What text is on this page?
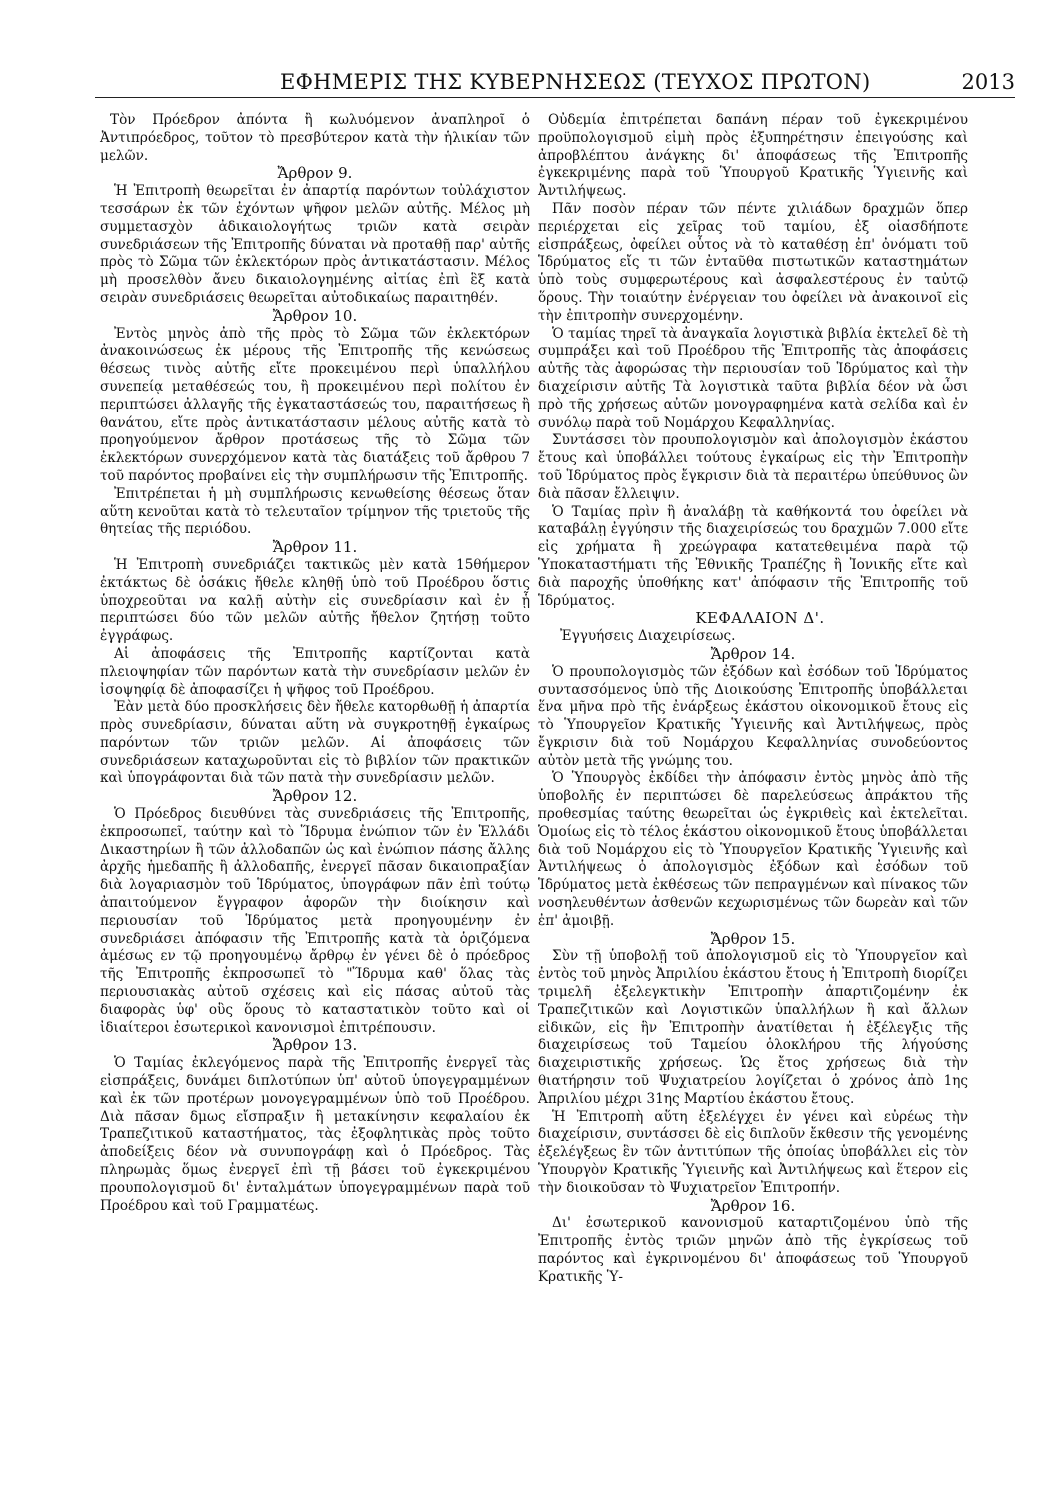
ΕΦΗΜΕΡΙΣ ΤΗΣ ΚΥΒΕΡΝΗΣΕΩΣ (ΤΕΥΧΟΣ ΠΡΩΤΟΝ)	2013

Τὸν Πρόεδρον ἀπόντα ἢ κωλυόμενον ἀναπληροῖ ὁ Ἀντιπρόεδρος, τοῦτον τὸ πρεσβύτερον κατὰ τὴν ἡλικίαν τῶν μελῶν.

Ἄρθρον 9.

Ἡ Ἐπιτροπὴ θεωρεῖται ἐν ἀπαρτίᾳ παρόντων τοὐλάχιστον τεσσάρων ἐκ τῶν ἐχόντων ψῆφον μελῶν αὐτῆς. Μέλος μὴ συμμετασχὸν ἀδικαιολογήτως τριῶν κατὰ σειρὰν συνεδριάσεων τῆς Ἐπιτροπῆς δύναται νὰ προταθῇ παρ' αὐτῆς πρὸς τὸ Σῶμα τῶν ἐκλεκτόρων πρὸς ἀντικατάστασιν. Μέλος μὴ προσελθὸν ἄνευ δικαιολογημένης αἰτίας ἐπὶ ἓξ κατὰ σειρὰν συνεδριάσεις θεωρεῖται αὐτοδικαίως παραιτηθέν.

Ἄρθρον 10.

Ἐντὸς μηνὸς ἀπὸ τῆς πρὸς τὸ Σῶμα τῶν ἐκλεκτόρων ἀνακοινώσεως ἐκ μέρους τῆς Ἐπιτροπῆς τῆς κενώσεως θέσεως τινὸς αὐτῆς εἴτε προκειμένου περὶ ὑπαλλήλου συνεπείᾳ μεταθέσεώς του, ἢ προκειμένου περὶ πολίτου ἐν περιπτώσει ἀλλαγῆς τῆς ἐγκαταστάσεώς του, παραιτήσεως ἢ θανάτου, εἴτε πρὸς ἀντικατάστασιν μέλους αὐτῆς κατὰ τὸ προηγούμενον ἄρθρον προτάσεως τῆς τὸ Σῶμα τῶν ἐκλεκτόρων συνερχόμενον κατὰ τὰς διατάξεις τοῦ ἄρθρου 7 τοῦ παρόντος προβαίνει εἰς τὴν συμπλήρωσιν τῆς Ἐπιτροπῆς.

Ἐπιτρέπεται ἡ μὴ συμπλήρωσις κενωθείσης θέσεως ὅταν αὕτη κενοῦται κατὰ τὸ τελευταῖον τρίμηνον τῆς τριετοῦς τῆς θητείας τῆς περιόδου.

Ἄρθρον 11.

Ἡ Ἐπιτροπὴ συνεδριάζει τακτικῶς μὲν κατὰ 15θήμερον ἐκτάκτως δὲ ὁσάκις ἤθελε κληθῇ ὑπὸ τοῦ Προέδρου ὅστις ὑποχρεοῦται να καλῇ αὐτὴν εἰς συνεδρίασιν καὶ ἐν ᾗ περιπτώσει δύο τῶν μελῶν αὐτῆς ἤθελον ζητήσῃ τοῦτο ἐγγράφως.

Αἱ ἀποφάσεις τῆς Ἐπιτροπῆς καρτίζονται κατὰ πλειοψηφίαν τῶν παρόντων κατὰ τὴν συνεδρίασιν μελῶν ἐν ἰσοψηφίᾳ δὲ ἀποφασίζει ἡ ψῆφος τοῦ Προέδρου.

Ἐὰν μετὰ δύο προσκλήσεις δὲν ἤθελε κατορθωθῇ ἡ ἀπαρτία πρὸς συνεδρίασιν, δύναται αὕτη νὰ συγκροτηθῇ ἐγκαίρως παρόντων τῶν τριῶν μελῶν. Αἱ ἀποφάσεις τῶν συνεδριάσεων καταχωροῦνται εἰς τὸ βιβλίον τῶν πρακτικῶν καὶ ὑπογράφονται διὰ τῶν πατὰ τὴν συνεδρίασιν μελῶν.

Ἄρθρον 12.

Ὁ Πρόεδρος διευθύνει τὰς συνεδριάσεις τῆς Ἐπιτροπῆς, ἐκπροσωπεῖ, ταύτην καὶ τὸ Ἵδρυμα ἐνώπιον τῶν ἐν Ἑλλάδι Δικαστηρίων ἢ τῶν ἀλλοδαπῶν ὡς καὶ ἐνώπιον πάσης ἄλλης ἀρχῆς ἡμεδαπῆς ἢ ἀλλοδαπῆς, ἐνεργεῖ πᾶσαν δικαιοπραξίαν διὰ λογαριασμὸν τοῦ Ἱδρύματος, ὑπογράφων πᾶν ἐπὶ τούτῳ ἀπαιτούμενον ἔγγραφον ἀφορῶν τὴν διοίκησιν καὶ περιουσίαν τοῦ Ἱδρύματος μετὰ προηγουμένην ἐν συνεδριάσει ἀπόφασιν τῆς Ἐπιτροπῆς κατὰ τὰ ὁριζόμενα ἀμέσως εν τῷ προηγουμένῳ ἄρθρῳ ἐν γένει δὲ ὁ πρόεδρος τῆς Ἐπιτροπῆς ἐκπροσωπεῖ τὸ "Ἵδρυμα καθ' ὅλας τὰς περιουσιακὰς αὐτοῦ σχέσεις καὶ εἰς πάσας αὐτοῦ τὰς διαφορὰς ὑφ' οὓς ὅρους τὸ καταστατικὸν τοῦτο καὶ οἱ ἰδιαίτεροι ἐσωτερικοὶ κανονισμοὶ ἐπιτρέπουσιν.

Ἄρθρον 13.

Ὁ Ταμίας ἐκλεγόμενος παρὰ τῆς Ἐπιτροπῆς ἐνεργεῖ τὰς εἰσπράξεις, δυνάμει διπλοτύπων ὑπ' αὐτοῦ ὑπογεγραμμένων καὶ ἐκ τῶν προτέρων μονογεγραμμένων ὑπὸ τοῦ Προέδρου. Διὰ πᾶσαν δμως εἴσπραξιν ἢ μετακίνησιν κεφαλαίου ἐκ Τραπεζιτικοῦ καταστήματος, τὰς ἐξοφλητικὰς πρὸς τοῦτο ἀποδείξεις δέον νὰ συνυπογράφῃ καὶ ὁ Πρόεδρος. Τὰς πληρωμὰς ὅμως ἐνεργεῖ ἐπὶ τῇ βάσει τοῦ ἐγκεκριμένου προυπολογισμοῦ δι' ἐνταλμάτων ὑπογεγραμμένων παρὰ τοῦ Προέδρου καὶ τοῦ Γραμματέως.

Οὐδεμία ἐπιτρέπεται δαπάνη πέραν τοῦ ἐγκεκριμένου προϋπολογισμοῦ εἰμὴ πρὸς ἐξυπηρέτησιν ἐπειγούσης καὶ ἀπροβλέπτου ἀνάγκης δι' ἀποφάσεως τῆς Ἐπιτροπῆς ἐγκεκριμένης παρὰ τοῦ Ὑπουργοῦ Κρατικῆς Ὑγιεινῆς καὶ Ἀντιλήψεως.

Πᾶν ποσὸν πέραν τῶν πέντε χιλιάδων δραχμῶν ὅπερ περιέρχεται εἰς χεῖρας τοῦ ταμίου, ἐξ οἱασδήποτε εἰσπράξεως, ὀφείλει οὗτος νὰ τὸ καταθέσῃ ἐπ' ὀνόματι τοῦ Ἱδρύματος εἴς τι τῶν ἐνταῦθα πιστωτικῶν καταστημάτων ὑπὸ τοὺς συμφερωτέρους καὶ ἀσφαλεστέρους ἐν ταὐτῷ ὅρους. Τὴν τοιαύτην ἐνέργειαν του ὀφείλει νὰ ἀνακοινοῖ εἰς τὴν ἐπιτροπὴν συνερχομένην.

Ὁ ταμίας τηρεῖ τὰ ἀναγκαῖα λογιστικὰ βιβλία ἐκτελεῖ δὲ τὴ συμπράξει καὶ τοῦ Προέδρου τῆς Ἐπιτροπῆς τὰς ἀποφάσεις αὐτῆς τὰς ἀφορώσας τὴν περιουσίαν τοῦ Ἱδρύματος καὶ τὴν διαχείρισιν αὐτῆς Τὰ λογιστικὰ ταῦτα βιβλία δέον νὰ ὦσι πρὸ τῆς χρήσεως αὐτῶν μονογραφημένα κατὰ σελίδα καὶ ἐν συνόλῳ παρὰ τοῦ Νομάρχου Κεφαλληνίας.

Συντάσσει τὸν προυπολογισμὸν καὶ ἀπολογισμὸν ἑκάστου ἔτους καὶ ὑποβάλλει τούτους ἐγκαίρως εἰς τὴν Ἐπιτροπὴν τοῦ Ἱδρύματος πρὸς ἔγκρισιν διὰ τὰ περαιτέρω ὑπεύθυνος ὢν διὰ πᾶσαν ἔλλειψιν.

Ὁ Ταμίας πρὶν ἢ ἀναλάβῃ τὰ καθήκοντά του ὀφείλει νὰ καταβάλῃ ἐγγύησιν τῆς διαχειρίσεώς του δραχμῶν 7.000 εἴτε εἰς χρήματα ἢ χρεώγραφα κατατεθειμένα παρὰ τῷ Ὑποκαταστήματι τῆς Ἐθνικῆς Τραπέζης ἢ Ἰονικῆς εἴτε καὶ διὰ παροχῆς ὑποθήκης κατ' ἀπόφασιν τῆς Ἐπιτροπῆς τοῦ Ἱδρύματος.

ΚΕΦΑΛΑΙΟΝ Δ'.

Ἐγγυήσεις Διαχειρίσεως.

Ἄρθρον 14.

Ὁ προυπολογισμὸς τῶν ἐξόδων καὶ ἐσόδων τοῦ Ἱδρύματος συντασσόμενος ὑπὸ τῆς Διοικούσης Ἐπιτροπῆς ὑποβάλλεται ἕνα μῆνα πρὸ τῆς ἐνάρξεως ἑκάστου οἰκονομικοῦ ἔτους εἰς τὸ Ὑπουργεῖον Κρατικῆς Ὑγιεινῆς καὶ Ἀντιλήψεως, πρὸς ἔγκρισιν διὰ τοῦ Νομάρχου Κεφαλληνίας συνοδεύοντος αὐτὸν μετὰ τῆς γνώμης του.

Ὁ Ὑπουργὸς ἐκδίδει τὴν ἀπόφασιν ἐντὸς μηνὸς ἀπὸ τῆς ὑποβολῆς ἐν περιπτώσει δὲ παρελεύσεως ἀπράκτου τῆς προθεσμίας ταύτης θεωρεῖται ὡς ἐγκριθεὶς καὶ ἐκτελεῖται. Ὁμοίως εἰς τὸ τέλος ἑκάστου οἰκονομικοῦ ἔτους ὑποβάλλεται διὰ τοῦ Νομάρχου εἰς τὸ Ὑπουργεῖον Κρατικῆς Ὑγιεινῆς καὶ Ἀντιλήψεως ὁ ἀπολογισμὸς ἐξόδων καὶ ἐσόδων τοῦ Ἱδρύματος μετὰ ἐκθέσεως τῶν πεπραγμένων καὶ πίνακος τῶν νοσηλευθέντων ἀσθενῶν κεχωρισμένως τῶν δωρεὰν καὶ τῶν ἐπ' ἀμοιβῇ.

Ἄρθρον 15.

Σὺν τῇ ὑποβολῇ τοῦ ἀπολογισμοῦ εἰς τὸ Ὑπουργεῖον καὶ ἐντὸς τοῦ μηνὸς Ἀπριλίου ἑκάστου ἔτους ἡ Ἐπιτροπὴ διορίζει τριμελῆ ἐξελεγκτικὴν Ἐπιτροπὴν ἀπαρτιζομένην ἐκ Τραπεζιτικῶν καὶ Λογιστικῶν ὑπαλλήλων ἢ καὶ ἄλλων εἰδικῶν, εἰς ἣν Ἐπιτροπὴν ἀνατίθεται ἡ ἐξέλεγξις τῆς διαχειρίσεως τοῦ Ταμείου ὁλοκλήρου τῆς λήγούσης διαχειριστικῆς χρήσεως. Ὡς ἔτος χρήσεως διὰ τὴν θιατήρησιν τοῦ Ψυχιατρείου λογίζεται ὁ χρόνος ἀπὸ 1ης Ἀπριλίου μέχρι 31ης Μαρτίου ἑκάστου ἔτους.

Ἡ Ἐπιτροπὴ αὕτη ἐξελέγχει ἐν γένει καὶ εὐρέως τὴν διαχείρισιν, συντάσσει δὲ εἰς διπλοῦν ἔκθεσιν τῆς γενομένης ἐξελέγξεως ἓν τῶν ἀντιτύπων τῆς ὁποίας ὑποβάλλει εἰς τὸν Ὑπουργὸν Κρατικῆς Ὑγιεινῆς καὶ Ἀντιλήψεως καὶ ἕτερον εἰς τὴν διοικοῦσαν τὸ Ψυχιατρεῖον Ἐπιτροπήν.

Ἄρθρον 16.

Δι' ἐσωτερικοῦ κανονισμοῦ καταρτιζομένου ὑπὸ τῆς Ἐπιτροπῆς ἐντὸς τριῶν μηνῶν ἀπὸ τῆς ἐγκρίσεως τοῦ παρόντος καὶ ἐγκρινομένου δι' ἀποφάσεως τοῦ Ὑπουργοῦ Κρατικῆς Ὑ-
